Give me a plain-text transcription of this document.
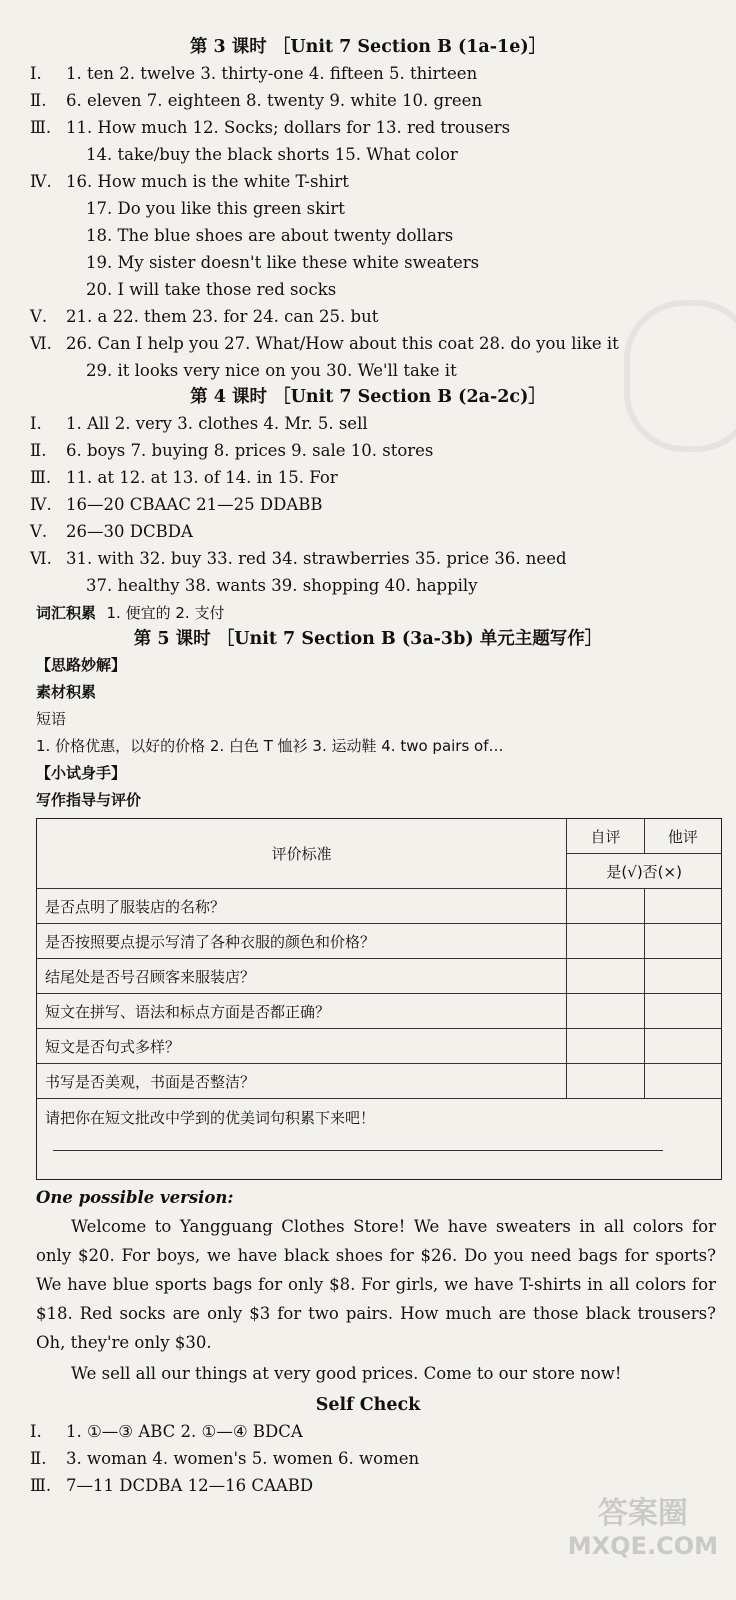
第 3 课时 ［Unit 7 Section B (1a-1e)］
Ⅰ. 1. ten 2. twelve 3. thirty-one 4. fifteen 5. thirteen
Ⅱ. 6. eleven 7. eighteen 8. twenty 9. white 10. green
Ⅲ. 11. How much 12. Socks; dollars for 13. red trousers
14. take/buy the black shorts 15. What color
Ⅳ. 16. How much is the white T-shirt
17. Do you like this green skirt
18. The blue shoes are about twenty dollars
19. My sister doesn't like these white sweaters
20. I will take those red socks
Ⅴ. 21. a 22. them 23. for 24. can 25. but
Ⅵ. 26. Can I help you 27. What/How about this coat 28. do you like it
29. it looks very nice on you 30. We'll take it
第 4 课时 ［Unit 7 Section B (2a-2c)］
Ⅰ. 1. All 2. very 3. clothes 4. Mr. 5. sell
Ⅱ. 6. boys 7. buying 8. prices 9. sale 10. stores
Ⅲ. 11. at 12. at 13. of 14. in 15. For
Ⅳ. 16—20 CBAAC 21—25 DDABB
Ⅴ. 26—30 DCBDA
Ⅵ. 31. with 32. buy 33. red 34. strawberries 35. price 36. need
37. healthy 38. wants 39. shopping 40. happily
词汇积累 1. 便宜的 2. 支付
第 5 课时 ［Unit 7 Section B (3a-3b) 单元主题写作］
【思路妙解】
素材积累
短语
1. 价格优惠，以好的价格 2. 白色 T 恤衫 3. 运动鞋 4. two pairs of…
【小试身手】
写作指导与评价
评价标准	自评	他评
	是(√)否(×)	
是否点明了服装店的名称？		
是否按照要点提示写清了各种衣服的颜色和价格？		
结尾处是否号召顾客来服装店？		
短文在拼写、语法和标点方面是否都正确？		
短文是否句式多样？		
书写是否美观，书面是否整洁？		

请把你在短文批改中学到的优美词句积累下来吧！		
One possible version:
Welcome to Yangguang Clothes Store! We have sweaters in all colors for only $20. For boys, we have black shoes for $26. Do you need bags for sports? We have blue sports bags for only $8. For girls, we have T-shirts in all colors for $18. Red socks are only $3 for two pairs. How much are those black trousers? Oh, they're only $30.
We sell all our things at very good prices. Come to our store now!
Self Check
Ⅰ. 1. ①—③ ABC 2. ①—④ BDCA
Ⅱ. 3. woman 4. women's 5. women 6. women
Ⅲ. 7—11 DCDBA 12—16 CAABD
答案圈
MXQE.COM
